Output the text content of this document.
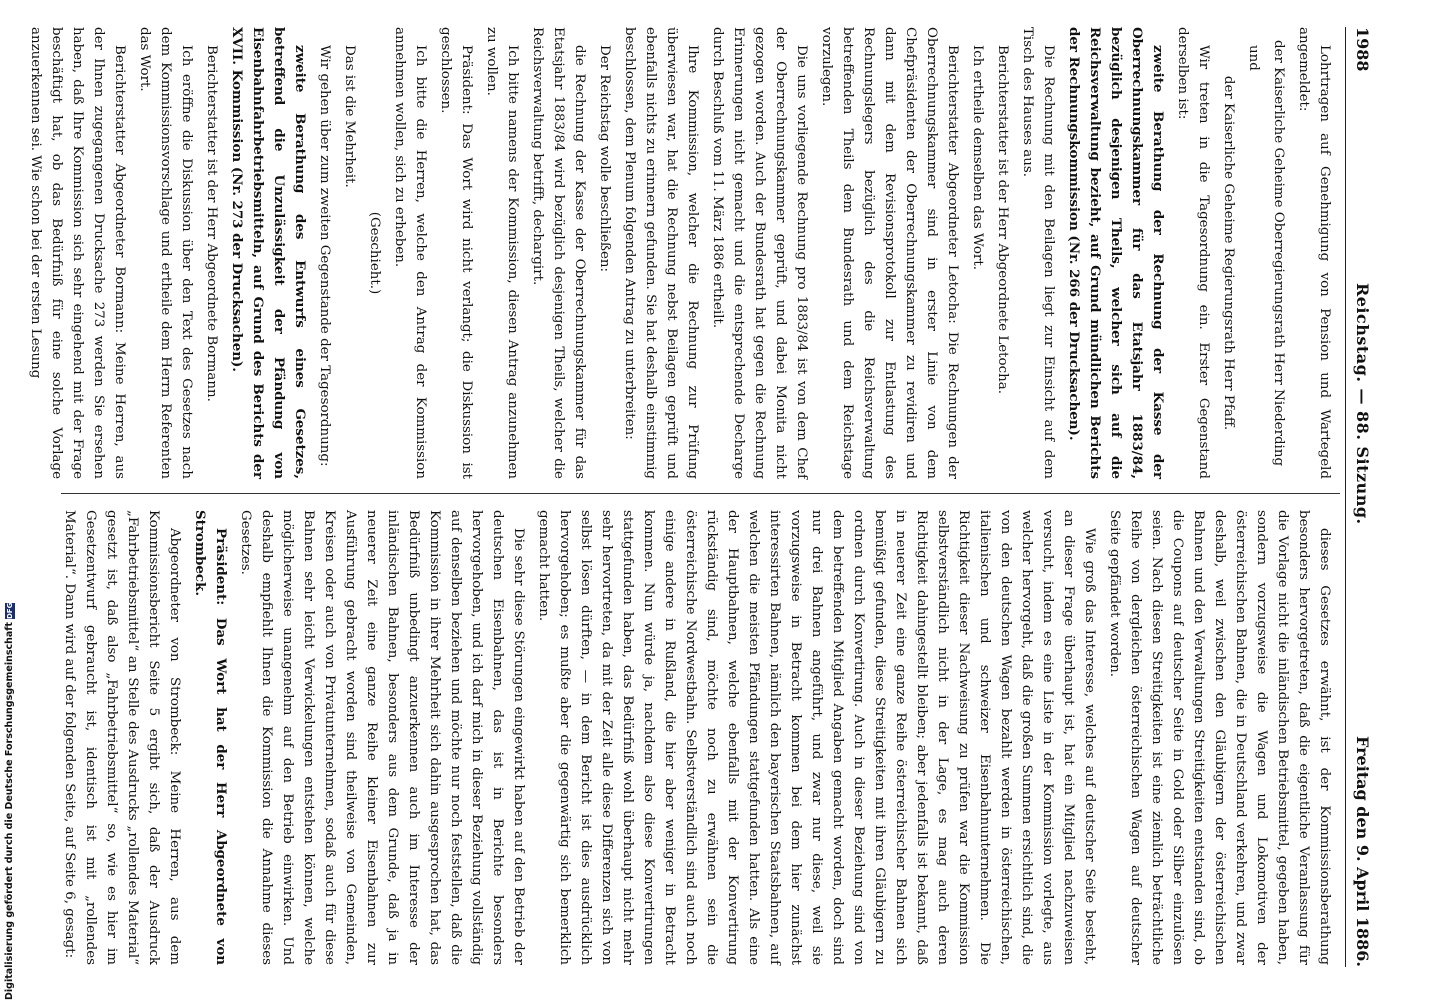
1988
Reichstag. — 88. Sitzung.
Freitag den 9. April 1886.

Lohrtragen auf Genehmigung von Pension und Wartegeld angemeldet:

der Kaiserliche Geheime Oberregierungsrath Herr Niederding

und

der Kaiserliche Geheime Regierungsrath Herr Pfaff.

Wir treten in die Tagesordnung ein. Erster Gegenstand derselben ist:

zweite Berathung der Rechnung der Kasse der Oberrechnungskammer für das Etatsjahr 1883/84, bezüglich desjenigen Theils, welcher sich auf die Reichsverwaltung bezieht, auf Grund mündlichen Berichts der Rechnungskommission (Nr. 266 der Drucksachen).

Die Rechnung mit den Beilagen liegt zur Einsicht auf dem Tisch des Hauses aus.

Berichterstatter ist der Herr Abgeordnete Letocha.

Ich ertheile demselben das Wort.

Berichterstatter Abgeordneter Letocha: Die Rechnungen der Oberrechnungskammer sind in erster Linie von dem Chefpräsidenten der Oberrechnungskammer zu revidiren und dann mit dem Revisionsprotokoll zur Entlastung des Rechnungslegers bezüglich des die Reichsverwaltung betreffenden Theils dem Bundesrath und dem Reichstage vorzulegen.

Die uns vorliegende Rechnung pro 1883/84 ist von dem Chef der Oberrechnungskammer geprüft, und dabei Monita nicht gezogen worden. Auch der Bundesrath hat gegen die Rechnung Erinnerungen nicht gemacht und die entsprechende Decharge durch Beschluß vom 11. März 1886 ertheilt.

Ihre Kommission, welcher die Rechnung zur Prüfung überwiesen war, hat die Rechnung nebst Beilagen geprüft und ebenfalls nichts zu erinnern gefunden. Sie hat deshalb einstimmig beschlossen, dem Plenum folgenden Antrag zu unterbreiten:

Der Reichstag wolle beschließen:

die Rechnung der Kasse der Oberrechnungskammer für das Etatsjahr 1883/84 wird bezüglich desjenigen Theils, welcher die Reichsverwaltung betrifft, dechargirt.

Ich bitte namens der Kommission, diesen Antrag anzunehmen zu wollen.

Präsident: Das Wort wird nicht verlangt; die Diskussion ist geschlossen.

Ich bitte die Herren, welche den Antrag der Kommission annehmen wollen, sich zu erheben.

(Geschieht.)

Das ist die Mehrheit.

Wir gehen über zum zweiten Gegenstande der Tagesordnung:

zweite Berathung des Entwurfs eines Gesetzes, betreffend die Unzulässigkeit der Pfändung von Eisenbahnfahrbetriebsmitteln, auf Grund des Berichts der XVII. Kommission (Nr. 273 der Drucksachen).

Berichterstatter ist der Herr Abgeordnete Bormann.

Ich eröffne die Diskussion über den Text des Gesetzes nach dem Kommissionsvorschlage und ertheile dem Herrn Referenten das Wort.

Berichterstatter Abgeordneter Bormann: Meine Herren, aus der Ihnen zugegangenen Drucksache 273 werden Sie ersehen haben, daß Ihre Kommission sich sehr eingehend mit der Frage beschäftigt hat, ob das Bedürfniß für eine solche Vorlage anzuerkennen sei. Wie schon bei der ersten Lesung

dieses Gesetzes erwähnt, ist der Kommissionsberathung besonders hervorgetreten, daß die eigentliche Veranlassung für die Vorlage nicht die inländischen Betriebsmittel, gegeben haben, sondern vorzugsweise die Wagen und Lokomotiven der österreichischen Bahnen, die in Deutschland verkehren, und zwar deshalb, weil zwischen den Gläubigern der österreichischen Bahnen und den Verwaltungen Streitigkeiten entstanden sind, ob die Coupons auf deutscher Seite in Gold oder Silber einzulösen seien. Nach diesen Streitigkeiten ist eine ziemlich beträchtliche Reihe von dergleichen österreichischen Wagen auf deutscher Seite gepfändet worden.

Wie groß das Interesse, welches auf deutscher Seite besteht, an dieser Frage überhaupt ist, hat ein Mitglied nachzuweisen versucht, indem es eine Liste in der Kommission vorlegte, aus welcher hervorgeht, daß die großen Summen ersichtlich sind, die von den deutschen Wagen bezahlt werden in österreichischen, italienischen und schweizer Eisenbahnunternehmen. Die Richtigkeit dieser Nachweisung zu prüfen war die Kommission selbstverständlich nicht in der Lage, es mag auch deren Richtigkeit dahingestellt bleiben; aber jedenfalls ist bekannt, daß in neuerer Zeit eine ganze Reihe österreichischer Bahnen sich bemüßigt gefunden, diese Streitigkeiten mit ihren Gläubigern zu ordnen durch Konvertirung. Auch in dieser Beziehung sind von dem betreffenden Mitglied Angaben gemacht worden, doch sind nur drei Bahnen angeführt, und zwar nur diese, weil sie vorzugsweise in Betracht kommen bei dem hier zunächst interessirten Bahnen, nämlich den bayerischen Staatsbahnen, auf welchen die meisten Pfändungen stattgefunden hatten. Als eine der Hauptbahnen, welche ebenfalls mit der Konvertirung rückständig sind, möchte noch zu erwähnen sein die österreichische Nordwestbahn. Selbstverständlich sind auch noch einige andere in Rußland, die hier aber weniger in Betracht kommen. Nun würde ja, nachdem also diese Konvertirungen stattgefunden haben, das Bedürfniß wohl überhaupt nicht mehr sehr hervortreten, da mit der Zeit alle diese Differenzen sich von selbst lösen dürften, — in dem Bericht ist dies ausdrücklich hervorgehoben; es mußte aber die gegenwärtig sich bemerklich gemacht hatten.

Die sehr diese Störungen eingewirkt haben auf den Betrieb der deutschen Eisenbahnen, das ist in Berichte besonders hervorgehoben, und ich darf mich in dieser Beziehung vollständig auf denselben beziehen und möchte nur noch feststellen, daß die Kommission in ihrer Mehrheit sich dahin ausgesprochen hat, das Bedürfniß unbedingt anzuerkennen auch im Interesse der inländischen Bahnen, besonders aus dem Grunde, daß ja in neuerer Zeit eine ganze Reihe kleiner Eisenbahnen zur Ausführung gebracht worden sind theilweise von Gemeinden, Kreisen oder auch von Privatunternehmen, sodaß auch für diese Bahnen sehr leicht Verwickelungen entstehen können, welche möglicherweise unangenehm auf den Betrieb einwirken. Und deshalb empfiehlt Ihnen die Kommission die Annahme dieses Gesetzes.

Präsident: Das Wort hat der Herr Abgeordnete von Strombeck.

Abgeordneter von Strombeck: Meine Herren, aus dem Kommissionsbericht Seite 5 ergibt sich, daß der Ausdruck „Fahrbetriebsmittel“ an Stelle des Ausdrucks „rollendes Material“ gesetzt ist, daß also „Fahrbetriebsmittel“ so, wie es hier im Gesetzentwurf gebraucht ist, identisch ist mit „rollendes Material“. Dann wird auf der folgenden Seite, auf Seite 6, gesagt:

Digitalisierung gefördert durch die Deutsche Forschungsgemeinschaft
DFG
